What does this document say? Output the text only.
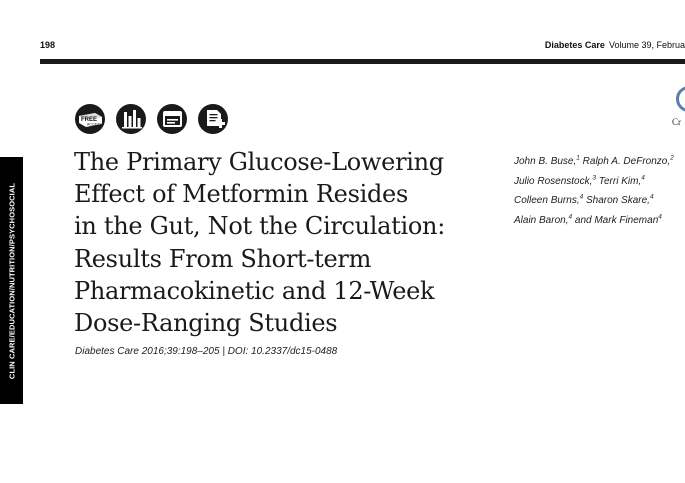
198	Diabetes Care Volume 39, Februa
FREE
ACCESS	Cr
The Primary Glucose-Lowering
Effect of Metformin Resides
in the Gut, Not the Circulation:
Results From Short-term
Pharmacokinetic and 12-Week
Dose-Ranging Studies
Diabetes Care 2016;39:198–205 | DOI: 10.2337/dc15-0488
John B. Buse,$^1$ Ralph A. DeFronzo,$^2$
Julio Rosenstock,$^3$ Terri Kim,$^4$
Colleen Burns,$^4$ Sharon Skare,$^4$
Alain Baron,$^4$ and Mark Fineman$^4$
CLIN CARE/EDUCATION/NUTRITION/PSYCHOSOCIAL
